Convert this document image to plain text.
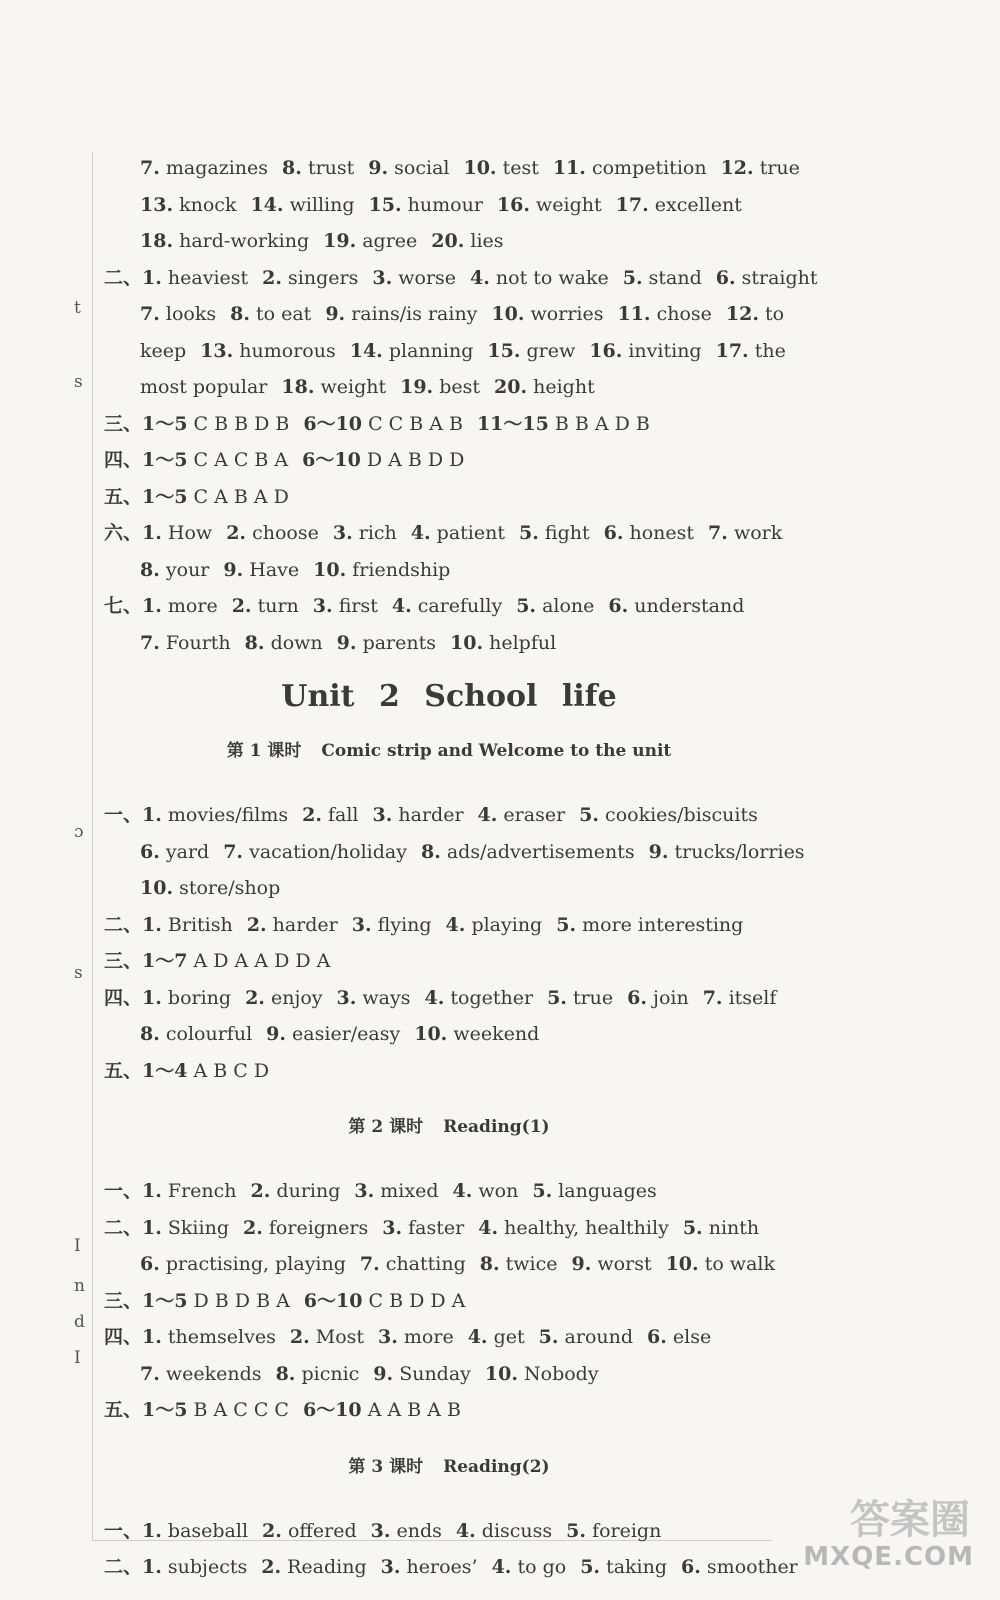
t
s
ɔ
s
I
n
d
I
7. magazines 8. trust 9. social 10. test 11. competition 12. true
13. knock 14. willing 15. humour 16. weight 17. excellent
18. hard-working 19. agree 20. lies
二、1. heaviest 2. singers 3. worse 4. not to wake 5. stand 6. straight
7. looks 8. to eat 9. rains/is rainy 10. worries 11. chose 12. to
keep 13. humorous 14. planning 15. grew 16. inviting 17. the
most popular 18. weight 19. best 20. height
三、1～5 C B B D B 6～10 C C B A B 11～15 B B A D B
四、1～5 C A C B A 6～10 D A B D D
五、1～5 C A B A D
六、1. How 2. choose 3. rich 4. patient 5. fight 6. honest 7. work
8. your 9. Have 10. friendship
七、1. more 2. turn 3. first 4. carefully 5. alone 6. understand
7. Fourth 8. down 9. parents 10. helpful
Unit 2 School life
第 1 课时 Comic strip and Welcome to the unit
一、1. movies/films 2. fall 3. harder 4. eraser 5. cookies/biscuits
6. yard 7. vacation/holiday 8. ads/advertisements 9. trucks/lorries
10. store/shop
二、1. British 2. harder 3. flying 4. playing 5. more interesting
三、1～7 A D A A D D A
四、1. boring 2. enjoy 3. ways 4. together 5. true 6. join 7. itself
8. colourful 9. easier/easy 10. weekend
五、1～4 A B C D
第 2 课时 Reading(1)
一、1. French 2. during 3. mixed 4. won 5. languages
二、1. Skiing 2. foreigners 3. faster 4. healthy, healthily 5. ninth
6. practising, playing 7. chatting 8. twice 9. worst 10. to walk
三、1～5 D B D B A 6～10 C B D D A
四、1. themselves 2. Most 3. more 4. get 5. around 6. else
7. weekends 8. picnic 9. Sunday 10. Nobody
五、1～5 B A C C C 6～10 A A B A B
第 3 课时 Reading(2)
一、1. baseball 2. offered 3. ends 4. discuss 5. foreign
二、1. subjects 2. Reading 3. heroes’ 4. to go 5. taking 6. smoother
答案圈
MXQE.COM
